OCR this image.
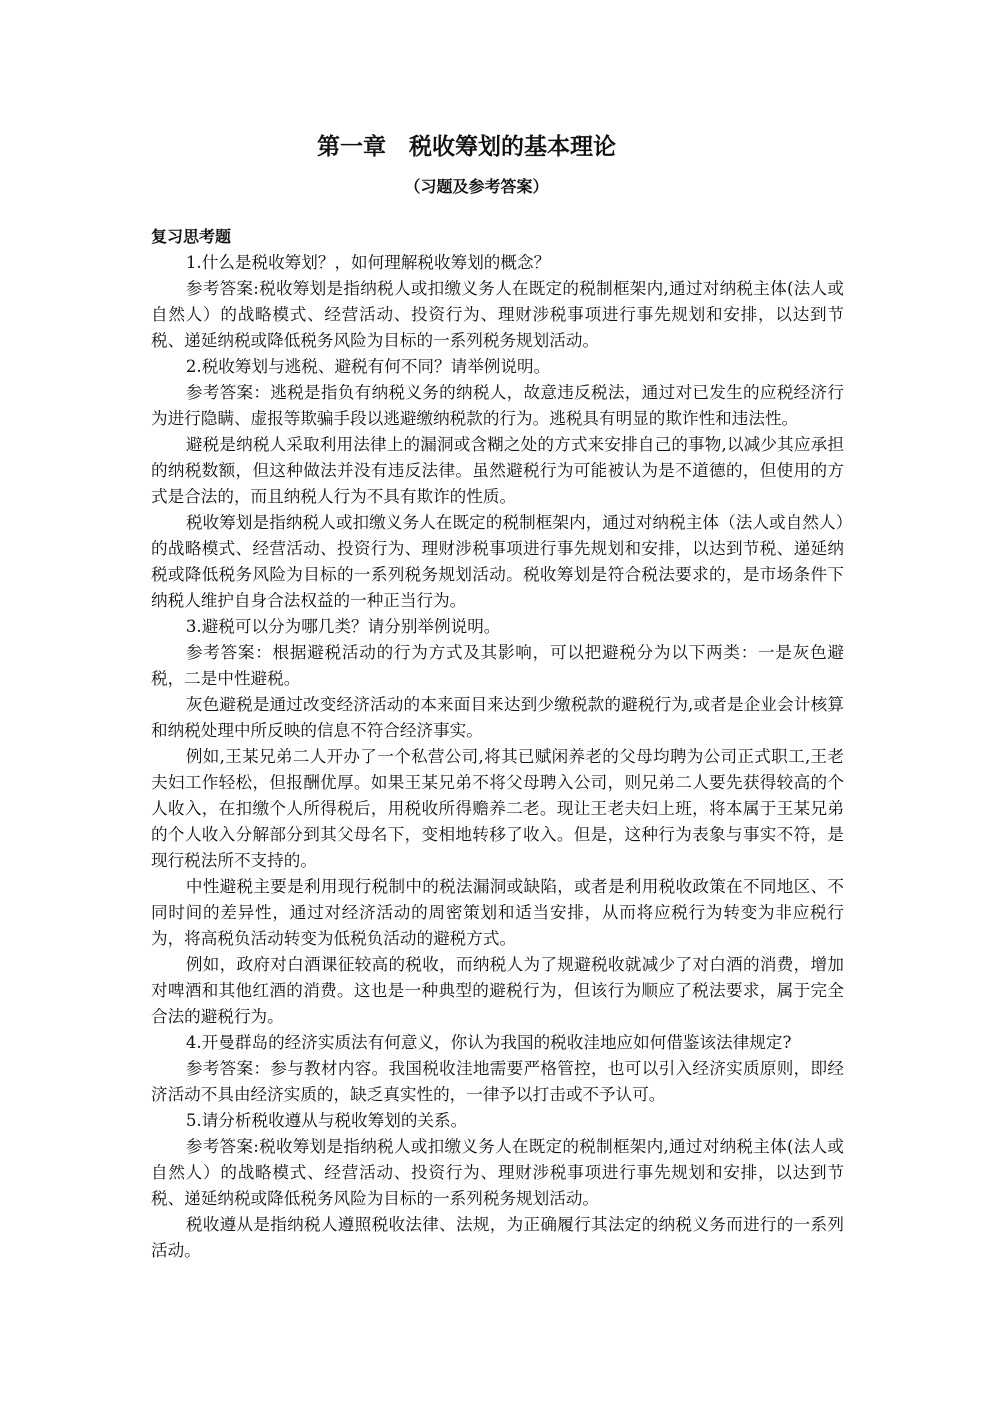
第一章　税收筹划的基本理论
（习题及参考答案）
复习思考题

1.什么是税收筹划？，如何理解税收筹划的概念？

参考答案:税收筹划是指纳税人或扣缴义务人在既定的税制框架内,通过对纳税主体(法人或自然人）的战略模式、经营活动、投资行为、理财涉税事项进行事先规划和安排，以达到节税、递延纳税或降低税务风险为目标的一系列税务规划活动。

2.税收筹划与逃税、避税有何不同？请举例说明。

参考答案：逃税是指负有纳税义务的纳税人，故意违反税法，通过对已发生的应税经济行为进行隐瞒、虚报等欺骗手段以逃避缴纳税款的行为。逃税具有明显的欺诈性和违法性。

避税是纳税人采取利用法律上的漏洞或含糊之处的方式来安排自己的事物,以减少其应承担的纳税数额，但这种做法并没有违反法律。虽然避税行为可能被认为是不道德的，但使用的方式是合法的，而且纳税人行为不具有欺诈的性质。

税收筹划是指纳税人或扣缴义务人在既定的税制框架内，通过对纳税主体（法人或自然人）的战略模式、经营活动、投资行为、理财涉税事项进行事先规划和安排，以达到节税、递延纳税或降低税务风险为目标的一系列税务规划活动。税收筹划是符合税法要求的，是市场条件下纳税人维护自身合法权益的一种正当行为。

3.避税可以分为哪几类？请分别举例说明。

参考答案：根据避税活动的行为方式及其影响，可以把避税分为以下两类：一是灰色避税，二是中性避税。

灰色避税是通过改变经济活动的本来面目来达到少缴税款的避税行为,或者是企业会计核算和纳税处理中所反映的信息不符合经济事实。

例如,王某兄弟二人开办了一个私营公司,将其已赋闲养老的父母均聘为公司正式职工,王老夫妇工作轻松，但报酬优厚。如果王某兄弟不将父母聘入公司，则兄弟二人要先获得较高的个人收入，在扣缴个人所得税后，用税收所得赡养二老。现让王老夫妇上班，将本属于王某兄弟的个人收入分解部分到其父母名下，变相地转移了收入。但是，这种行为表象与事实不符，是现行税法所不支持的。

中性避税主要是利用现行税制中的税法漏洞或缺陷，或者是利用税收政策在不同地区、不同时间的差异性，通过对经济活动的周密策划和适当安排，从而将应税行为转变为非应税行为，将高税负活动转变为低税负活动的避税方式。

例如，政府对白酒课征较高的税收，而纳税人为了规避税收就减少了对白酒的消费，增加对啤酒和其他红酒的消费。这也是一种典型的避税行为，但该行为顺应了税法要求，属于完全合法的避税行为。

4.开曼群岛的经济实质法有何意义，你认为我国的税收洼地应如何借鉴该法律规定?

参考答案：参与教材内容。我国税收洼地需要严格管控，也可以引入经济实质原则，即经济活动不具由经济实质的，缺乏真实性的，一律予以打击或不予认可。

5.请分析税收遵从与税收筹划的关系。

参考答案:税收筹划是指纳税人或扣缴义务人在既定的税制框架内,通过对纳税主体(法人或自然人）的战略模式、经营活动、投资行为、理财涉税事项进行事先规划和安排，以达到节税、递延纳税或降低税务风险为目标的一系列税务规划活动。

税收遵从是指纳税人遵照税收法律、法规，为正确履行其法定的纳税义务而进行的一系列活动。
